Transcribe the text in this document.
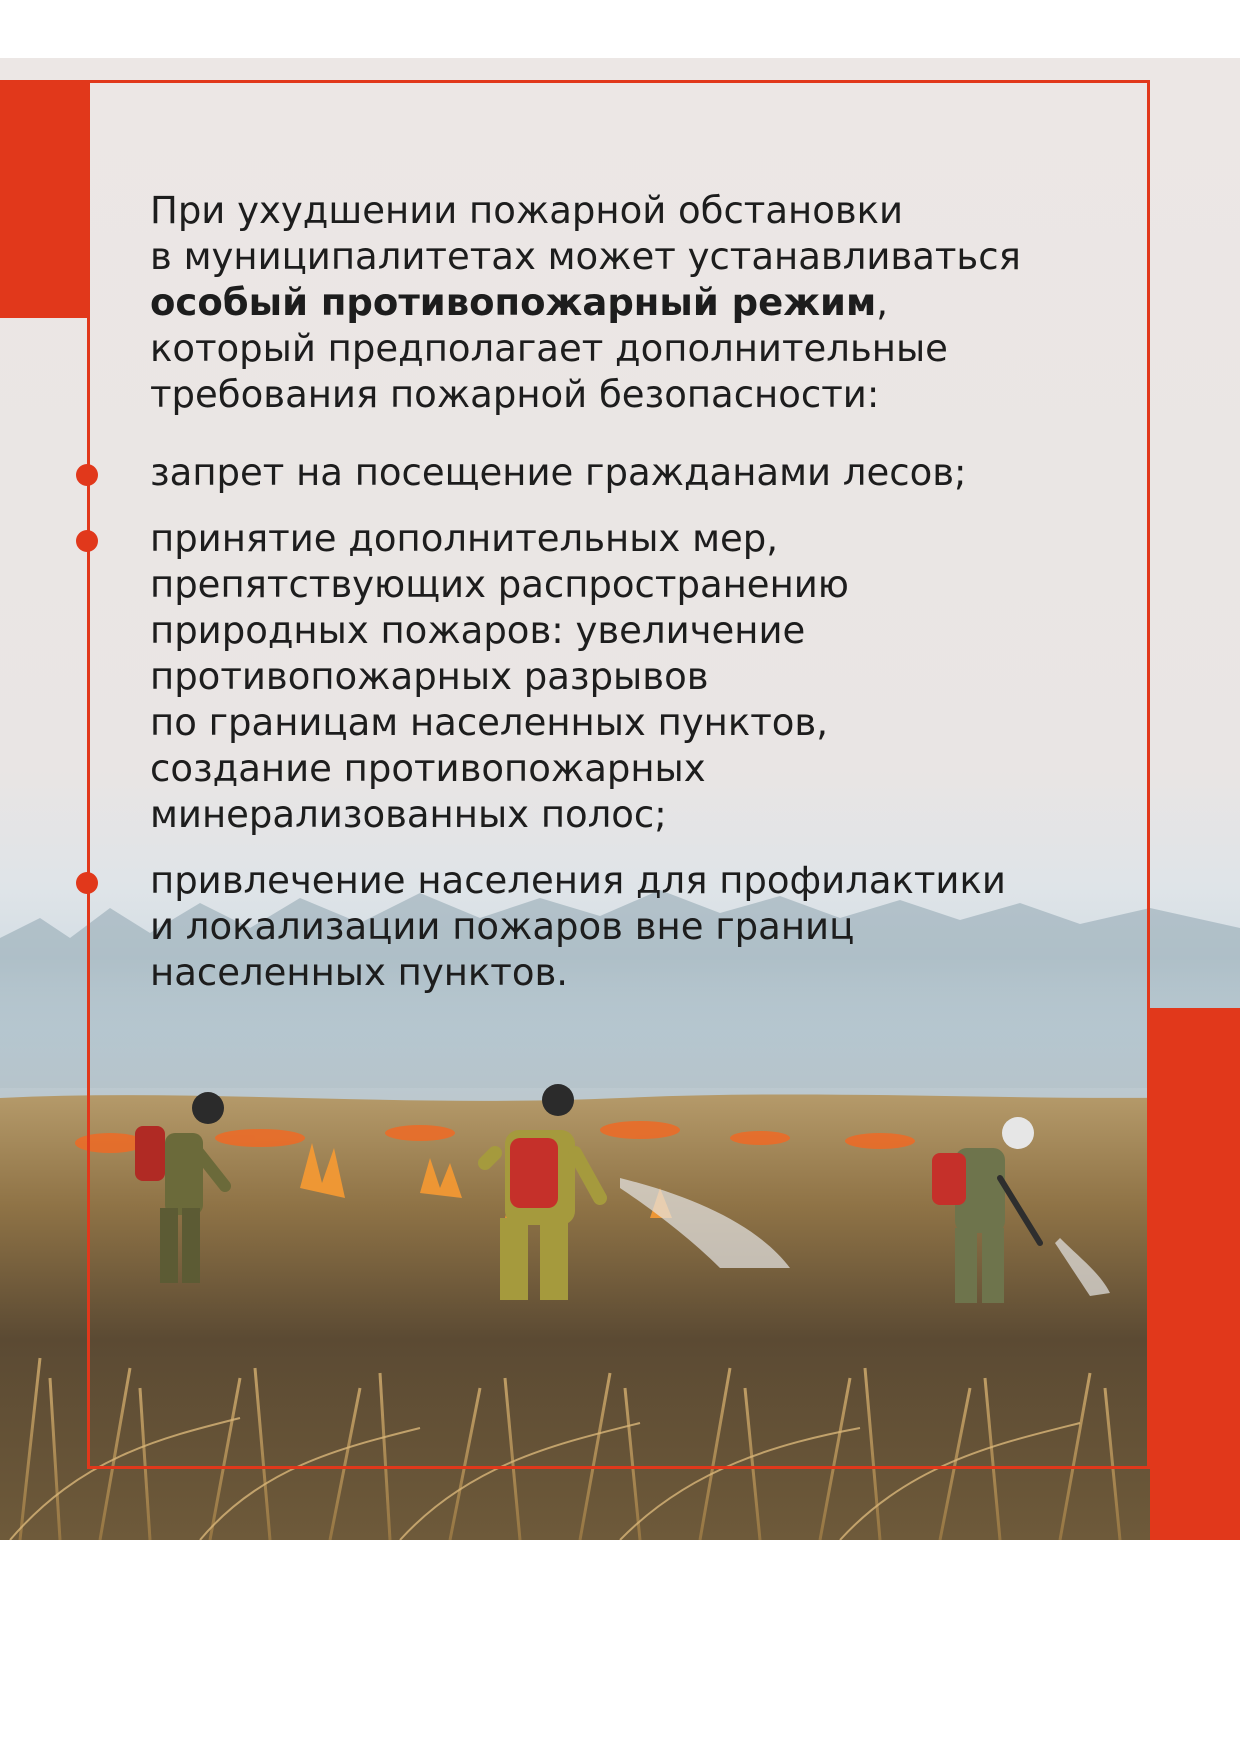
При ухудшении пожарной обстановки
в муниципалитетах может устанавливаться
особый противопожарный режим,
который предполагает дополнительные
требования пожарной безопасности:

запрет на посещение гражданами лесов;
принятие дополнительных мер,
препятствующих распространению
природных пожаров: увеличение
противопожарных разрывов
по границам населенных пунктов,
создание противопожарных
минерализованных полос;
привлечение населения для профилактики
и локализации пожаров вне границ
населенных пунктов.
